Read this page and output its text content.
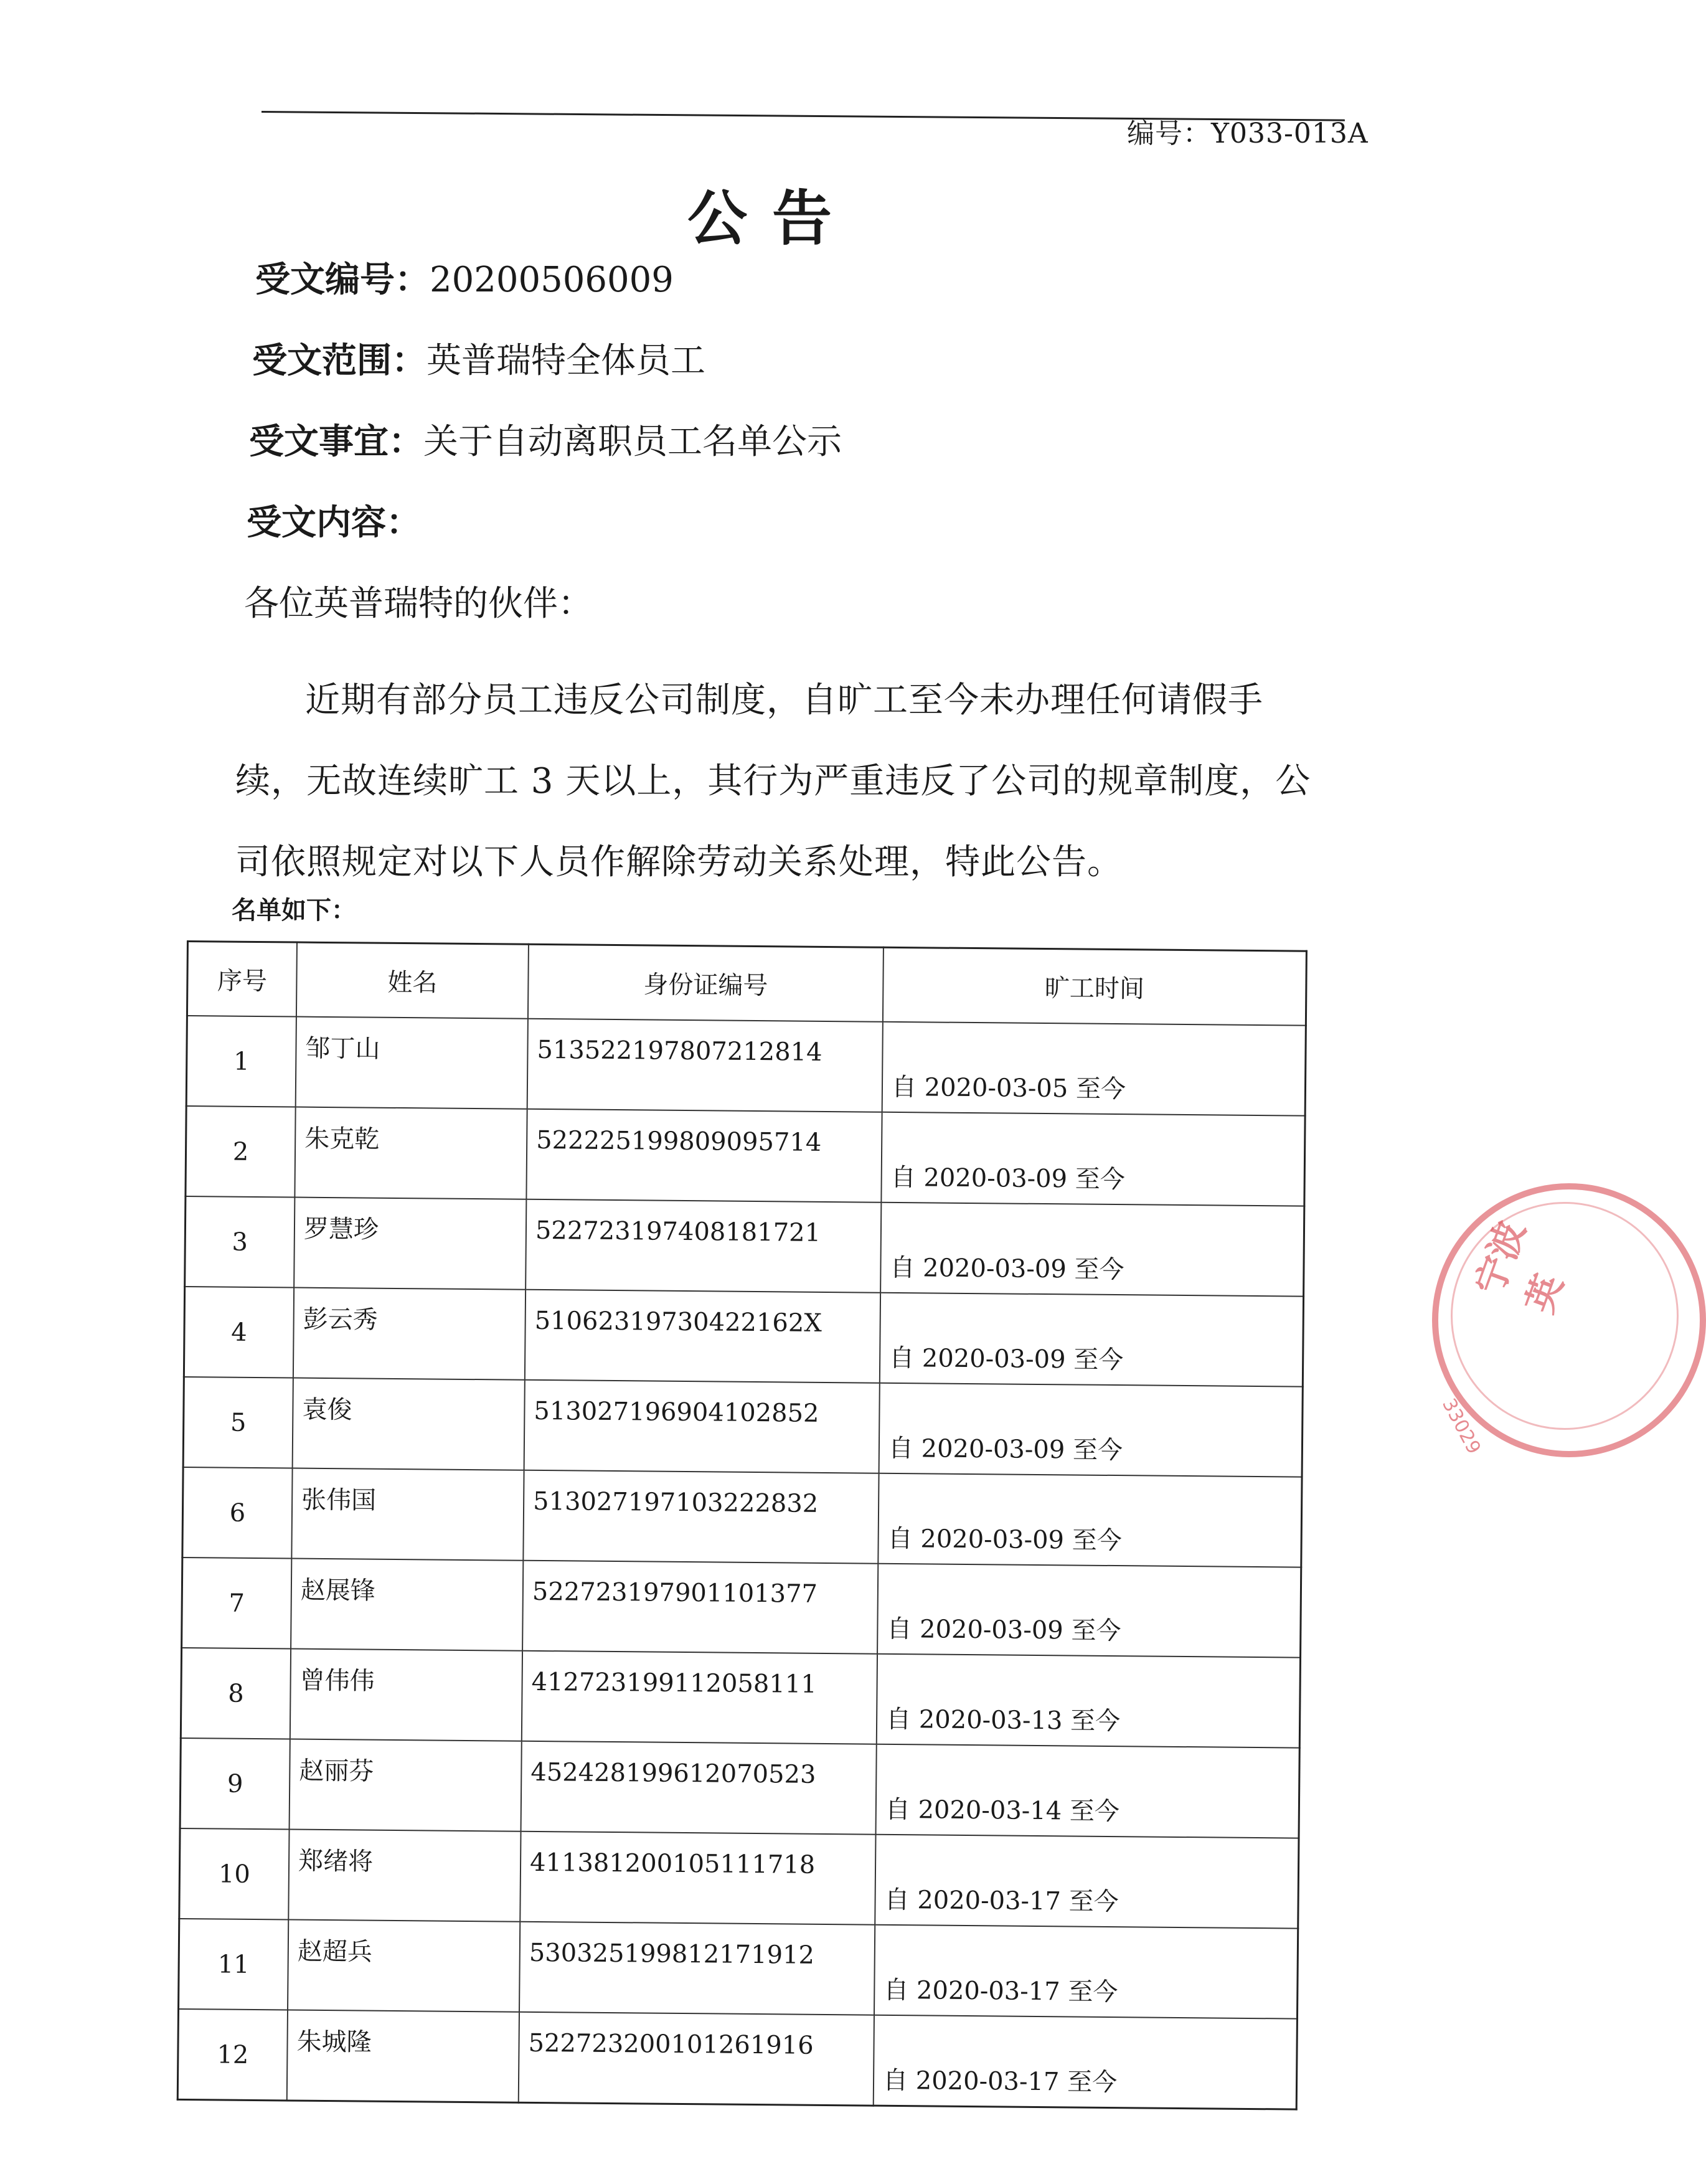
编号：Y033-013A
公告
受文编号：20200506009
受文范围：英普瑞特全体员工
受文事宜：关于自动离职员工名单公示
受文内容：
各位英普瑞特的伙伴：
近期有部分员工违反公司制度，自旷工至今未办理任何请假手续，无故连续旷工 3 天以上，其行为严重违反了公司的规章制度，公司依照规定对以下人员作解除劳动关系处理，特此公告。
名单如下：
序号	姓名	身份证编号	旷工时间
1	邹丁山	513522197807212814	自 2020-03-05 至今
2	朱克乾	522225199809095714	自 2020-03-09 至今
3	罗慧珍	522723197408181721	自 2020-03-09 至今
4	彭云秀	51062319730422162X	自 2020-03-09 至今
5	袁俊	513027196904102852	自 2020-03-09 至今
6	张伟国	513027197103222832	自 2020-03-09 至今
7	赵展锋	522723197901101377	自 2020-03-09 至今
8	曾伟伟	412723199112058111	自 2020-03-13 至今
9	赵丽芬	452428199612070523	自 2020-03-14 至今
10	郑绪将	411381200105111718	自 2020-03-17 至今
11	赵超兵	530325199812171912	自 2020-03-17 至今
12	朱城隆	522723200101261916	自 2020-03-17 至今
宁波英
33029
